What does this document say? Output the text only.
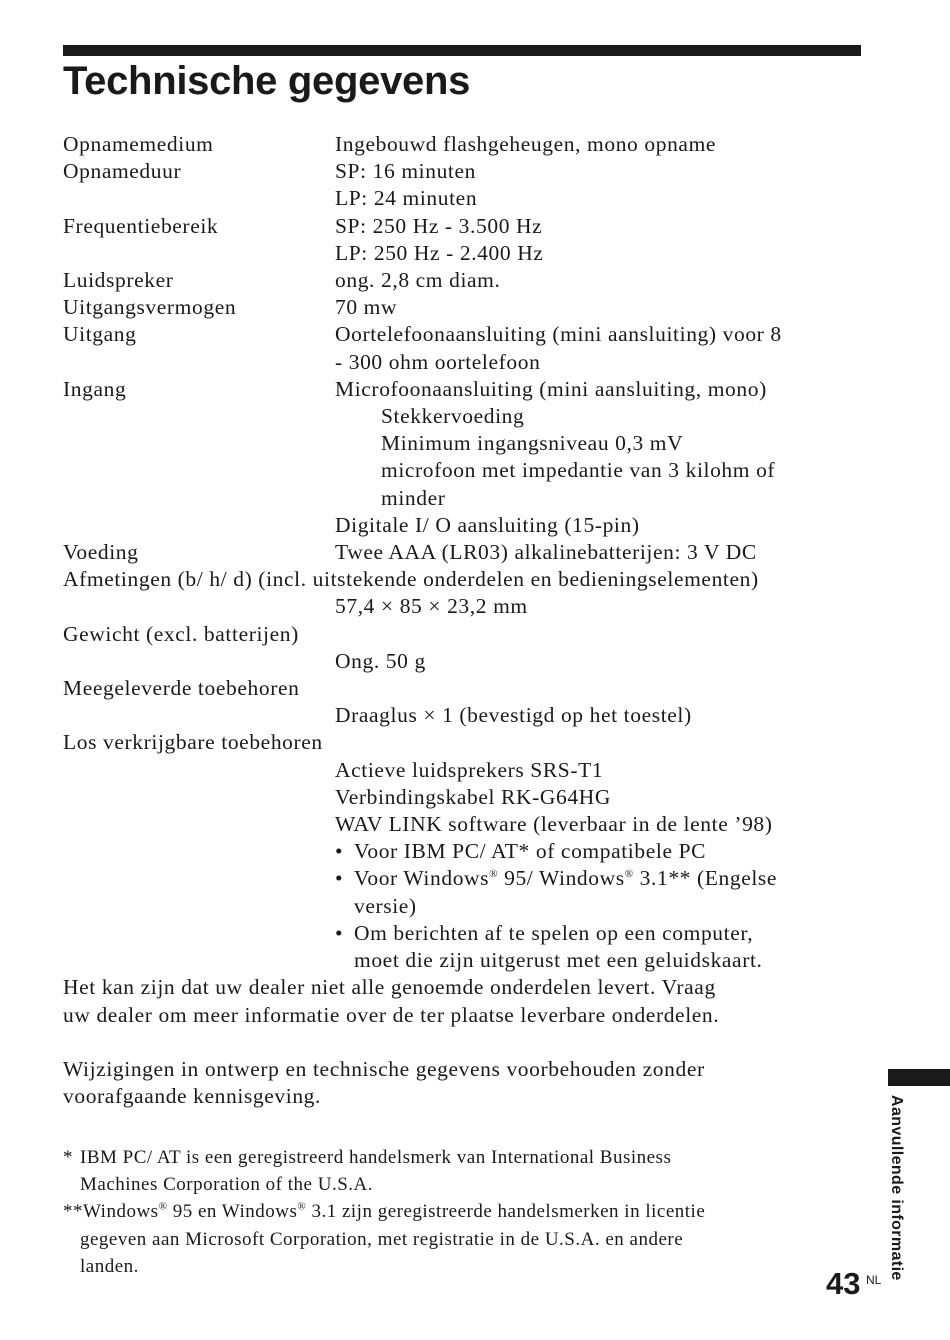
Technische gegevens
Opnamemedium	Ingebouwd flashgeheugen, mono opname
Opnameduur	SP: 16 minuten
LP: 24 minuten
Frequentiebereik	SP: 250 Hz - 3.500 Hz
LP: 250 Hz - 2.400 Hz
Luidspreker	ong. 2,8 cm diam.
Uitgangsvermogen	70 mw
Uitgang	Oortelefoonaansluiting (mini aansluiting) voor 8
- 300 ohm oortelefoon
Ingang	Microfoonaansluiting (mini aansluiting, mono)
Stekkervoeding
Minimum ingangsniveau 0,3 mV
microfoon met impedantie van 3 kilohm of
minder
Digitale I/ O aansluiting (15-pin)
Voeding	Twee AAA (LR03) alkalinebatterijen: 3 V DC
Afmetingen (b/ h/ d) (incl. uitstekende onderdelen en bedieningselementen)
57,4 × 85 × 23,2 mm
Gewicht (excl. batterijen)
Ong. 50 g
Meegeleverde toebehoren
Draaglus × 1 (bevestigd op het toestel)
Los verkrijgbare toebehoren
Actieve luidsprekers SRS-T1
Verbindingskabel RK-G64HG
WAV LINK software (leverbaar in de lente ’98)
• Voor IBM PC/ AT* of compatibele PC
• Voor Windows® 95/ Windows® 3.1** (Engelse
versie)
• Om berichten af te spelen op een computer,
moet die zijn uitgerust met een geluidskaart.
Het kan zijn dat uw dealer niet alle genoemde onderdelen levert. Vraag
uw dealer om meer informatie over de ter plaatse leverbare onderdelen.
Wijzigingen in ontwerp en technische gegevens voorbehouden zonder
voorafgaande kennisgeving.
* IBM PC/ AT is een geregistreerd handelsmerk van International Business
Machines Corporation of the U.S.A.
**Windows® 95 en Windows® 3.1 zijn geregistreerde handelsmerken in licentie
gegeven aan Microsoft Corporation, met registratie in de U.S.A. en andere
landen.	Aanvullende informatie
43 NL
